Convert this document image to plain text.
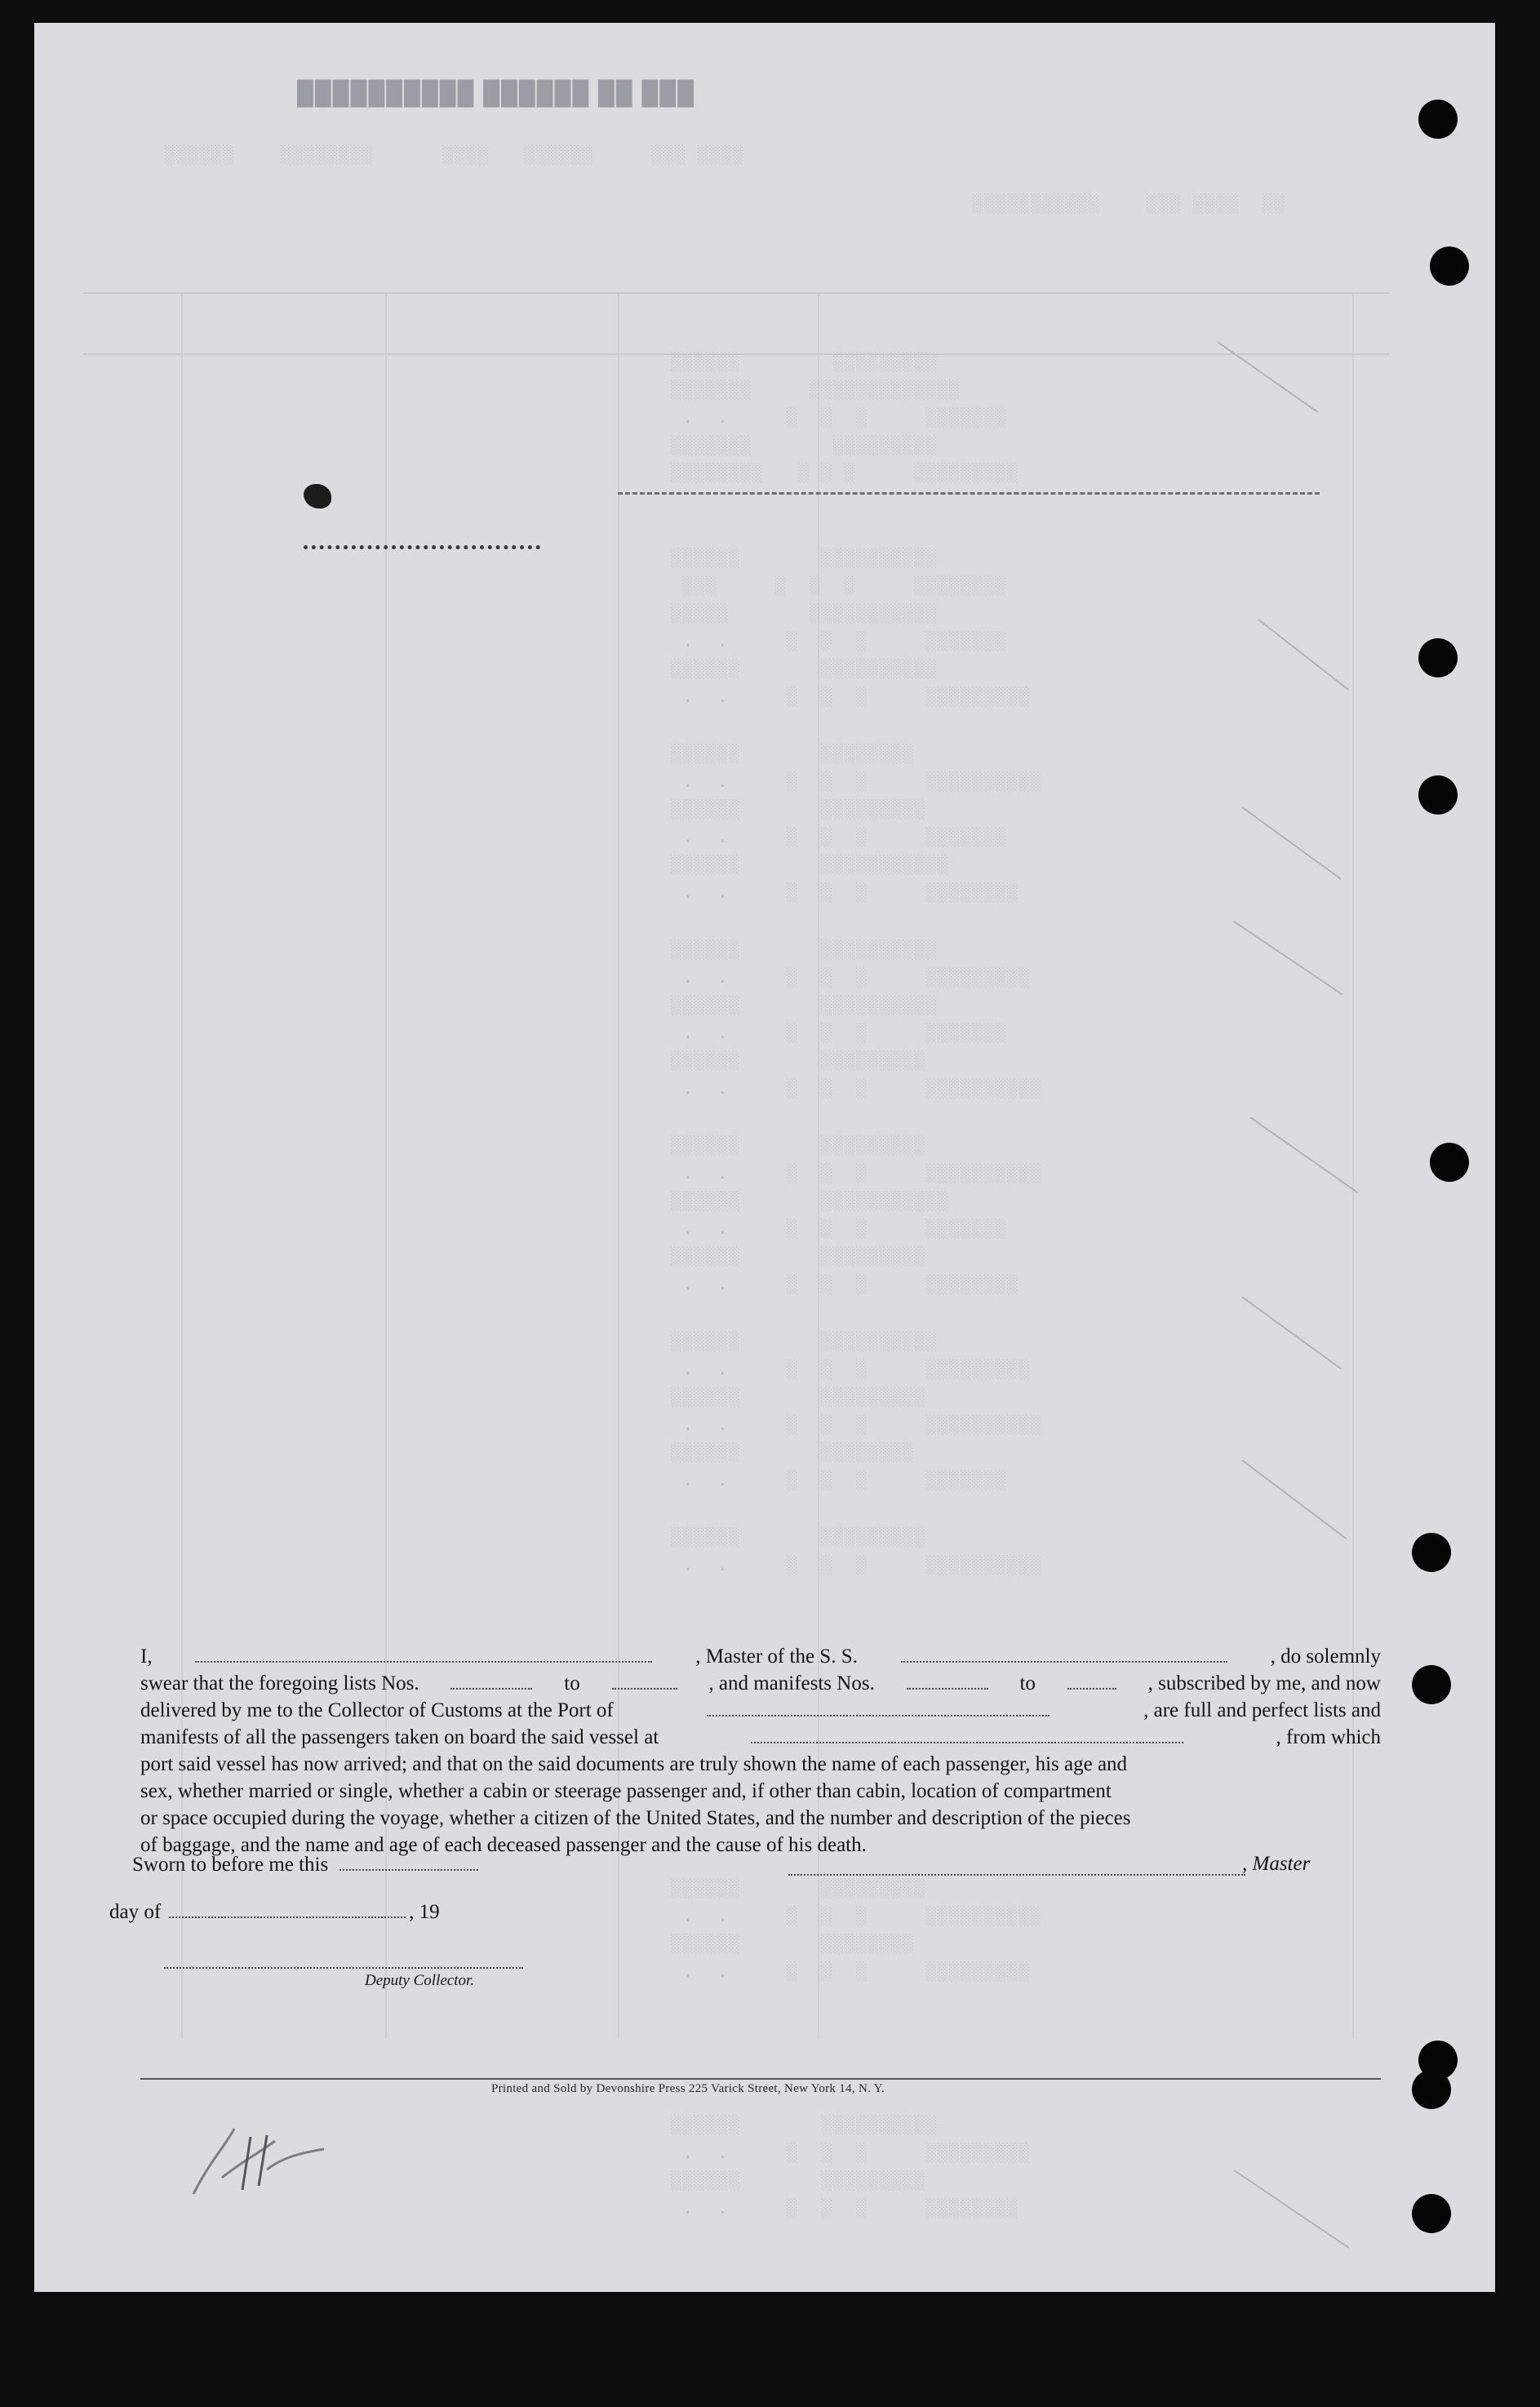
███ ██ ██████ ██████████
░░░░░░    ░░░░░░░░      ░░░░   ░░░░░░     ░░░ ░░░░
░░░░░░░░░░░    ░░░ ░░░░  ░░
░░░░░░        ░░░░░░░░░
░░░░░░░     ░░░░░░░░░░░░░
.  .     ░  ░  ░     ░░░░░░░
░░░░░░░       ░░░░░░░░░
░░░░░░░░   ░ ░ ░     ░░░░░░░░░
░░░░░░       ░░░░░░░░░░
░░░     ░  ░  ░     ░░░░░░░░
░░░░░       ░░░░░░░░░░░
.  .     ░  ░  ░     ░░░░░░░
░░░░░░       ░░░░░░░░░░
.  .     ░  ░  ░     ░░░░░░░░░
░░░░░░       ░░░░░░░░
.  .     ░  ░  ░     ░░░░░░░░░░
░░░░░░       ░░░░░░░░░
.  .     ░  ░  ░     ░░░░░░░
░░░░░░       ░░░░░░░░░░░
.  .     ░  ░  ░     ░░░░░░░░
░░░░░░       ░░░░░░░░░░
.  .     ░  ░  ░     ░░░░░░░░░
░░░░░░       ░░░░░░░░░░
.  .     ░  ░  ░     ░░░░░░░
░░░░░░       ░░░░░░░░░
.  .     ░  ░  ░     ░░░░░░░░░░
░░░░░░       ░░░░░░░░░
.  .     ░  ░  ░     ░░░░░░░░░░
░░░░░░       ░░░░░░░░░░░
.  .     ░  ░  ░     ░░░░░░░
░░░░░░       ░░░░░░░░░
.  .     ░  ░  ░     ░░░░░░░░
░░░░░░       ░░░░░░░░░░
.  .     ░  ░  ░     ░░░░░░░░░
░░░░░░       ░░░░░░░░░
.  .     ░  ░  ░     ░░░░░░░░░░
░░░░░░       ░░░░░░░░
.  .     ░  ░  ░     ░░░░░░░
░░░░░░       ░░░░░░░░░
.  .     ░  ░  ░     ░░░░░░░░░░
░░░░░░       ░░░░░░░░░
.  .     ░  ░  ░     ░░░░░░░░░░
░░░░░░       ░░░░░░░░
.  .     ░  ░  ░     ░░░░░░░░░
░░░░░░       ░░░░░░░░░░
.  .     ░  ░  ░     ░░░░░░░░░
░░░░░░       ░░░░░░░░░
.  .     ░  ░  ░     ░░░░░░░░
I,	, Master of the S. S.	, do solemnly
swear that the foregoing lists Nos.	to	, and manifests Nos.	to	, subscribed by me, and now
delivered by me to the Collector of Customs at the Port of	, are full and perfect lists and
manifests of all the passengers taken on board the said vessel at	, from which
port said vessel has now arrived; and that on the said documents are truly shown the name of each passenger, his age and
sex, whether married or single, whether a cabin or steerage passenger and, if other than cabin, location of compartment
or space occupied during the voyage, whether a citizen of the United States, and the number and description of the pieces
of baggage, and the name and age of each deceased passenger and the cause of his death.
Sworn to before me this	, Master
day of	, 19
Deputy Collector.
Printed and Sold by Devonshire Press 225 Varick Street, New York 14, N. Y.
